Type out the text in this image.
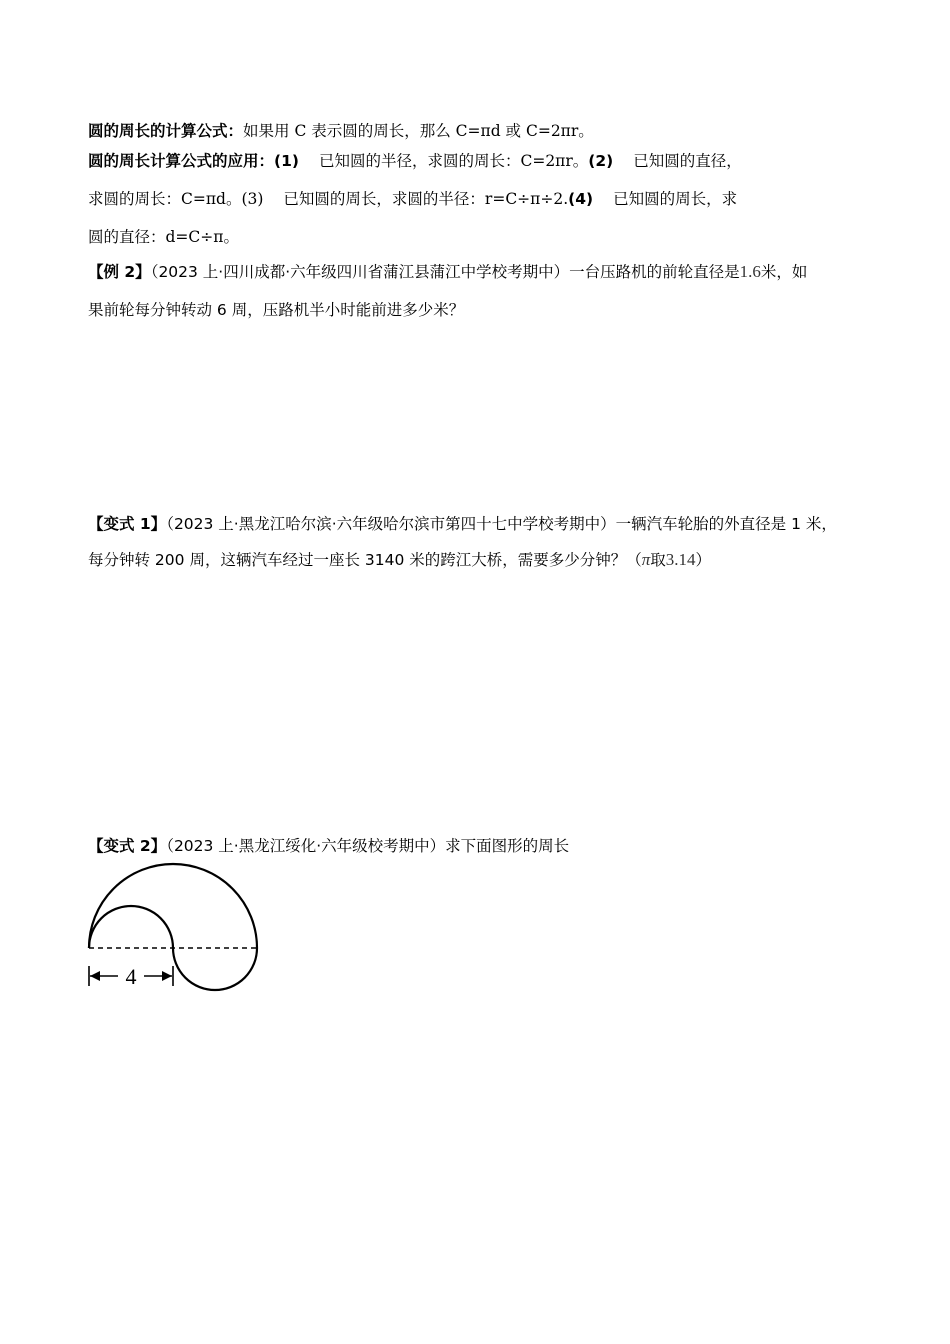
圆的周长的计算公式：如果用 C 表示圆的周长，那么 C=πd 或 C=2πr。
圆的周长计算公式的应用：(1) 已知圆的半径，求圆的周长：C=2πr。(2) 已知圆的直径，
求圆的周长：C=πd。(3) 已知圆的周长，求圆的半径：r=C÷π÷2.(4) 已知圆的周长，求
圆的直径：d=C÷π。
【例 2】（2023 上·四川成都·六年级四川省蒲江县蒲江中学校考期中）一台压路机的前轮直径是1.6米，如
果前轮每分钟转动 6 周，压路机半小时能前进多少米？
【变式 1】（2023 上·黑龙江哈尔滨·六年级哈尔滨市第四十七中学校考期中）一辆汽车轮胎的外直径是 1 米，
每分钟转 200 周，这辆汽车经过一座长 3140 米的跨江大桥，需要多少分钟？（π取3.14）
【变式 2】（2023 上·黑龙江绥化·六年级校考期中）求下面图形的周长
4
